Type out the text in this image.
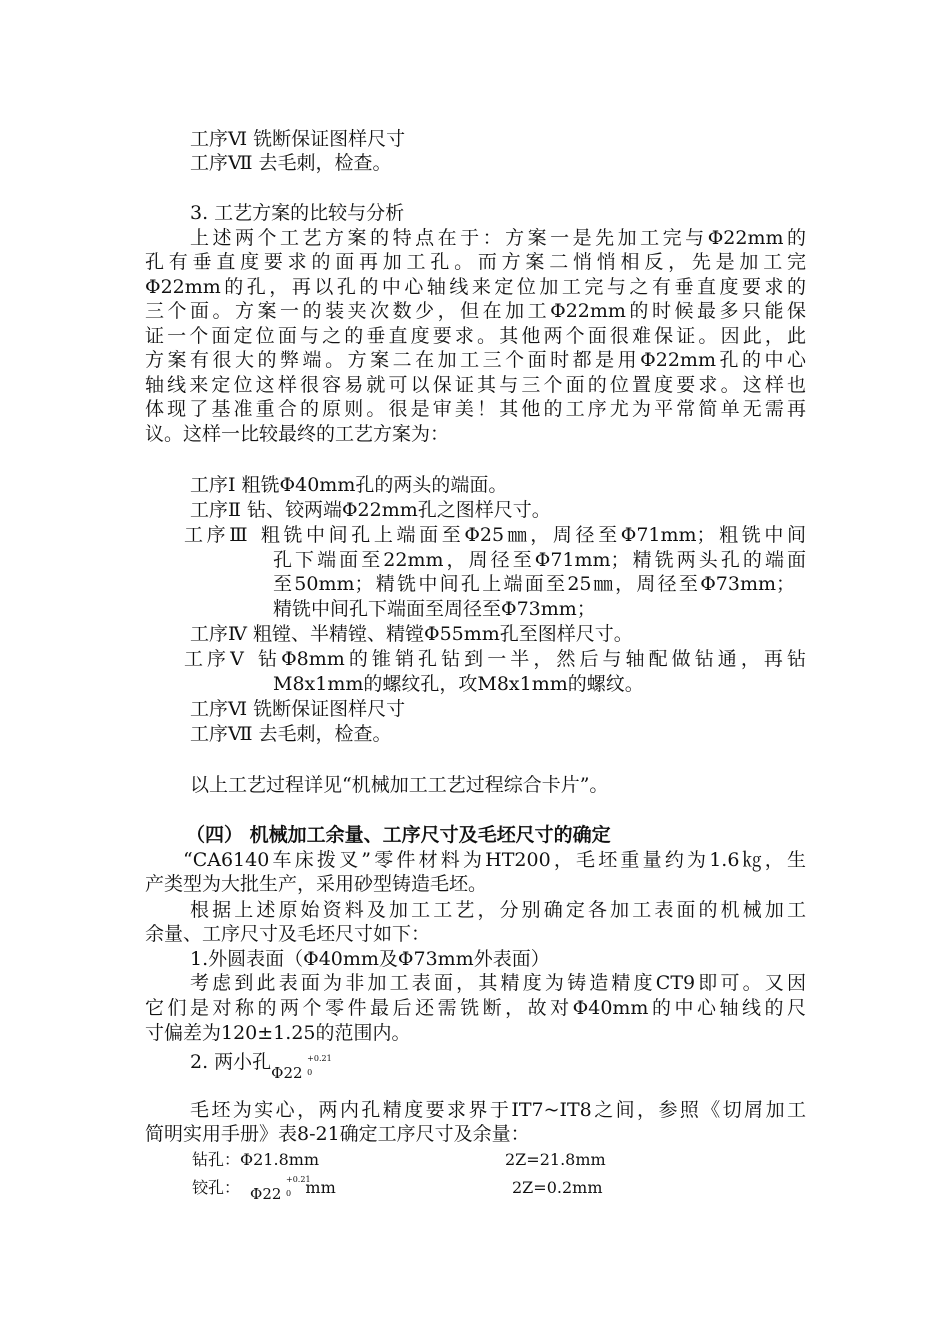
工序Ⅵ 铣断保证图样尺寸
工序Ⅶ 去毛刺，检查。
3. 工艺方案的比较与分析
上述两个工艺方案的特点在于：方案一是先加工完与Φ22mm的
孔有垂直度要求的面再加工孔。而方案二悄悄相反，先是加工完
Φ22mm的孔，再以孔的中心轴线来定位加工完与之有垂直度要求的
三个面。方案一的装夹次数少，但在加工Φ22mm的时候最多只能保
证一个面定位面与之的垂直度要求。其他两个面很难保证。因此，此
方案有很大的弊端。方案二在加工三个面时都是用Φ22mm孔的中心
轴线来定位这样很容易就可以保证其与三个面的位置度要求。这样也
体现了基准重合的原则。很是审美！其他的工序尤为平常简单无需再
议。这样一比较最终的工艺方案为：
工序Ⅰ 粗铣Φ40mm孔的两头的端面。
工序Ⅱ 钻、铰两端Φ22mm孔之图样尺寸。
工序Ⅲ 粗铣中间孔上端面至Φ25㎜，周径至Φ71mm；粗铣中间
孔下端面至22mm，周径至Φ71mm；精铣两头孔的端面
至50mm；精铣中间孔上端面至25㎜，周径至Φ73mm；
精铣中间孔下端面至周径至Φ73mm；
工序Ⅳ 粗镗、半精镗、精镗Φ55mm孔至图样尺寸。
工序Ⅴ 钻Φ8mm的锥销孔钻到一半，然后与轴配做钻通，再钻
M8x1mm的螺纹孔，攻M8x1mm的螺纹。
工序Ⅵ 铣断保证图样尺寸
工序Ⅶ 去毛刺，检查。
以上工艺过程详见“机械加工工艺过程综合卡片”。
（四） 机械加工余量、工序尺寸及毛坯尺寸的确定
“CA6140车床拨叉”零件材料为HT200，毛坯重量约为1.6㎏，生
产类型为大批生产，采用砂型铸造毛坯。
根据上述原始资料及加工工艺，分别确定各加工表面的机械加工
余量、工序尺寸及毛坯尺寸如下：
1.外圆表面（Φ40mm及Φ73mm外表面）
考虑到此表面为非加工表面，其精度为铸造精度CT9即可。又因
它们是对称的两个零件最后还需铣断，故对Φ40mm的中心轴线的尺
寸偏差为120±1.25的范围内。
2. 两小孔Φ22
+0.21
0
毛坯为实心，两内孔精度要求界于IT7~IT8之间，参照《切屑加工
简明实用手册》表8-21确定工序尺寸及余量：
钻孔：Φ21.8mm	2Z=21.8mm
铰孔： Φ22
+0.21
0 mm	2Z=0.2mm
